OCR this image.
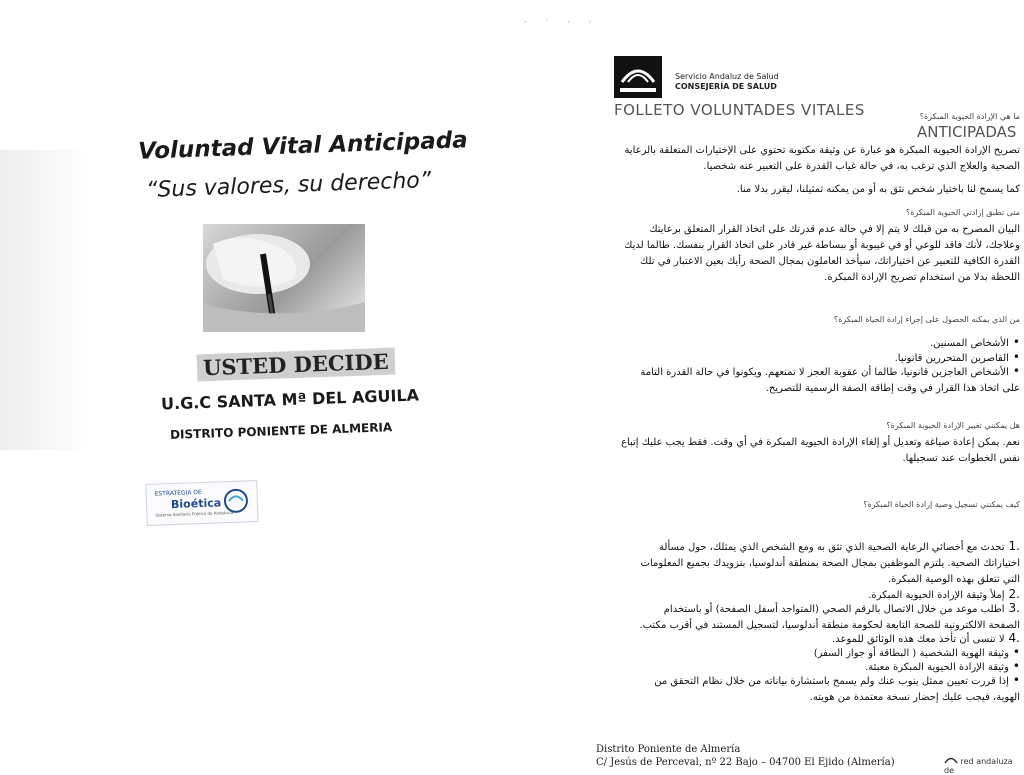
Voluntad Vital Anticipada
“Sus valores, su derecho”
USTED DECIDE
U.G.C SANTA Mª DEL AGUILA
DISTRITO PONIENTE DE ALMERIA
ESTRATEGIA DE
Bioética
Sistema Sanitario Público de Andalucía
· ˙ · ·
Servicio Andaluz de Salud
CONSEJERÍA DE SALUD
FOLLETO VOLUNTADES VITALES
ANTICIPADAS
ما هي الإرادة الحيوية المبكرة؟
تصريح الإرادة الحيوية المبكرة هو عبارة عن وثيقة مكتوبة تحتوي على الإختيارات المتعلقة بالرعاية الصحية والعلاج الذي ترغب به، في حالة غياب القدرة على التعبير عنه شخصيا.
كما يسمح لنا باختيار شخص نثق به أو من يمكنه تمثيلنا، ليقرر بدلا منا.
متى تطبق إرادتي الحيوية المبكرة؟
البيان المصرح به من قبلك لا يتم إلا في حالة عدم قدرتك على اتخاذ القرار المتعلق برعايتك وعلاجك، لأنك فاقد للوعي أو في غيبوبة أو ببساطة غير قادر على اتخاذ القرار بنفسك. طالما لديك القدرة الكافية للتعبير عن اختياراتك، سيأخذ العاملون بمجال الصحة رأيك بعين الاعتبار في تلك اللحظة بدلا من استخدام تصريح الإرادة المبكرة.
من الذي يمكنه الحصول على إجراء إرادة الحياة المبكرة؟
•الأشخاص المسنين.
•القاصرين المتحررين قانونيا.
•الأشخاص العاجزين قانونيا، طالما أن عقوبة العجز لا تمنعهم. ويكونوا في حالة القدرة التامة على اتخاذ هذا القرار في وقت إطاقة الصفة الرسمية للتصريح.
هل يمكنني تغيير الإرادة الحيوية المبكرة؟
نعم. يمكن إعادة صياغة وتعديل أو إلغاء الإرادة الحيوية المبكرة في أي وقت. فقط يجب عليك إتباع نفس الخطوات عند تسجيلها.
كيف يمكنني تسجيل وصية إرادة الحياة المبكرة؟
.1تحدث مع أخصائي الرعاية الصحية الذي تثق به ومع الشخص الذي يمثلك، حول مسألة اختياراتك الصحية. يلتزم الموظفين بمجال الصحة بمنطقة أندلوسيا، بتزويدك بجميع المعلومات التي تتعلق بهذه الوصية المبكرة.
.2إملأ وثيقة الإرادة الحيوية المبكرة.
.3اطلب موعد من خلال الاتصال بالرقم الصحي (المتواجد أسفل الصفحة) أو باستخدام الصفحة الالكترونية للصحة التابعة لحكومة منطقة أندلوسيا، لتسجيل المستند في أقرب مكتب.
.4لا تنسى أن تأخذ معك هذه الوثائق للموعد.
•وثيقة الهوية الشخصية ( البطاقة أو جواز السفر)
•وثيقة الإرادة الحيوية المبكرة معبئة.
•إذا قررت تعيين ممثل ينوب عنك ولم يسمح باستشارة بياناته من خلال نظام التحقق من الهوية، فيجب عليك إحضار نسخة معتمدة من هويته.
Distrito Poniente de Almería
C/ Jesús de Perceval, nº 22 Bajo – 04700 El Ejido (Almería)	red andaluza de
